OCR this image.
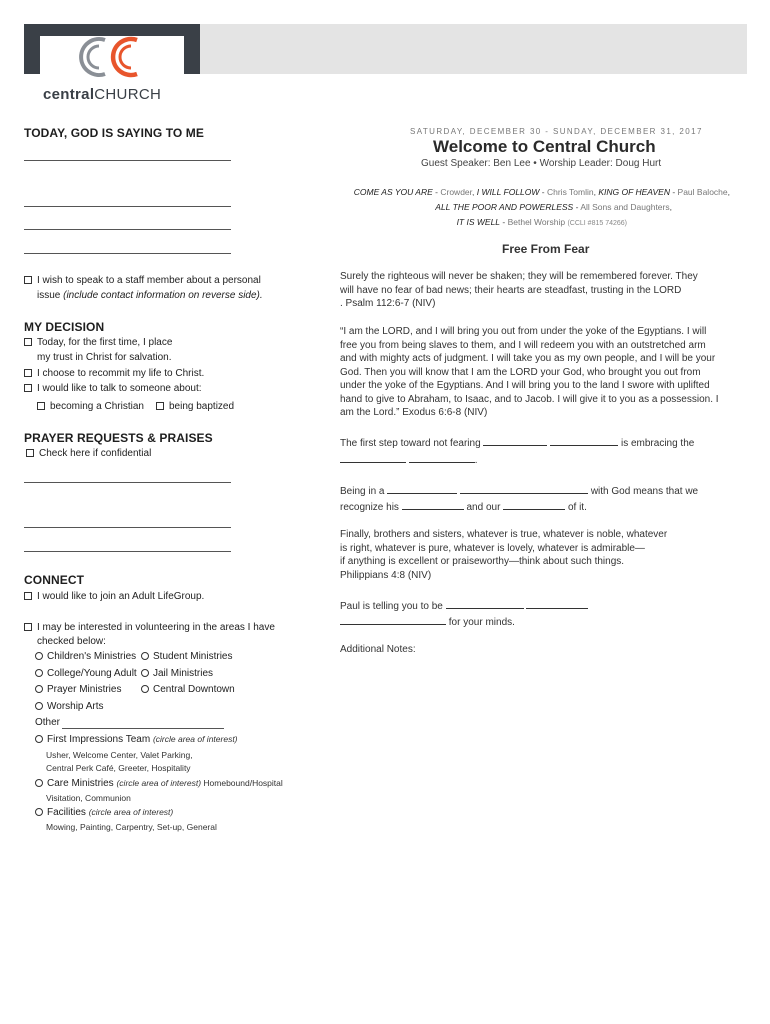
centralCHURCH
TODAY, GOD IS SAYING TO ME
I wish to speak to a staff member about a personal
issue (include contact information on reverse side).
MY DECISION
Today, for the first time, I place
my trust in Christ for salvation.
I choose to recommit my life to Christ.
I would like to talk to someone about:
becoming a Christian	being baptized
PRAYER REQUESTS & PRAISES
Check here if confidential
CONNECT
I would like to join an Adult LifeGroup.
I may be interested in volunteering in the areas I have
checked below:
Children's Ministries	Student Ministries
College/Young Adult	Jail Ministries
Prayer Ministries	Central Downtown
Worship Arts
Other
First Impressions Team (circle area of interest)
Usher, Welcome Center, Valet Parking,
Central Perk Café, Greeter, Hospitality
Care Ministries (circle area of interest) Homebound/Hospital
Visitation, Communion
Facilities (circle area of interest)
Mowing, Painting, Carpentry, Set-up, General
SATURDAY, DECEMBER 30 - SUNDAY, DECEMBER 31, 2017
Welcome to Central Church
Guest Speaker: Ben Lee • Worship Leader: Doug Hurt
COME AS YOU ARE - Crowder, I WILL FOLLOW - Chris Tomlin, KING OF HEAVEN - Paul Baloche,
ALL THE POOR AND POWERLESS - All Sons and Daughters,
IT IS WELL - Bethel Worship (CCLI #815 74266)
Free From Fear
Surely the righteous will never be shaken; they will be remembered forever. They
will have no fear of bad news; their hearts are steadfast, trusting in the LORD
. Psalm 112:6-7 (NIV)
“I am the LORD, and I will bring you out from under the yoke of the Egyptians. I will
free you from being slaves to them, and I will redeem you with an outstretched arm
and with mighty acts of judgment. I will take you as my own people, and I will be your
God. Then you will know that I am the LORD your God, who brought you out from
under the yoke of the Egyptians. And I will bring you to the land I swore with uplifted
hand to give to Abraham, to Isaac, and to Jacob. I will give it to you as a possession. I
am the Lord.” Exodus 6:6-8 (NIV)
The first step toward not fearing	is embracing the
.
Being in a	with God means that we
recognize his	and our	of it.
Finally, brothers and sisters, whatever is true, whatever is noble, whatever
is right, whatever is pure, whatever is lovely, whatever is admirable—
if anything is excellent or praiseworthy—think about such things.
Philippians 4:8 (NIV)
Paul is telling you to be
for your minds.
Additional Notes:
